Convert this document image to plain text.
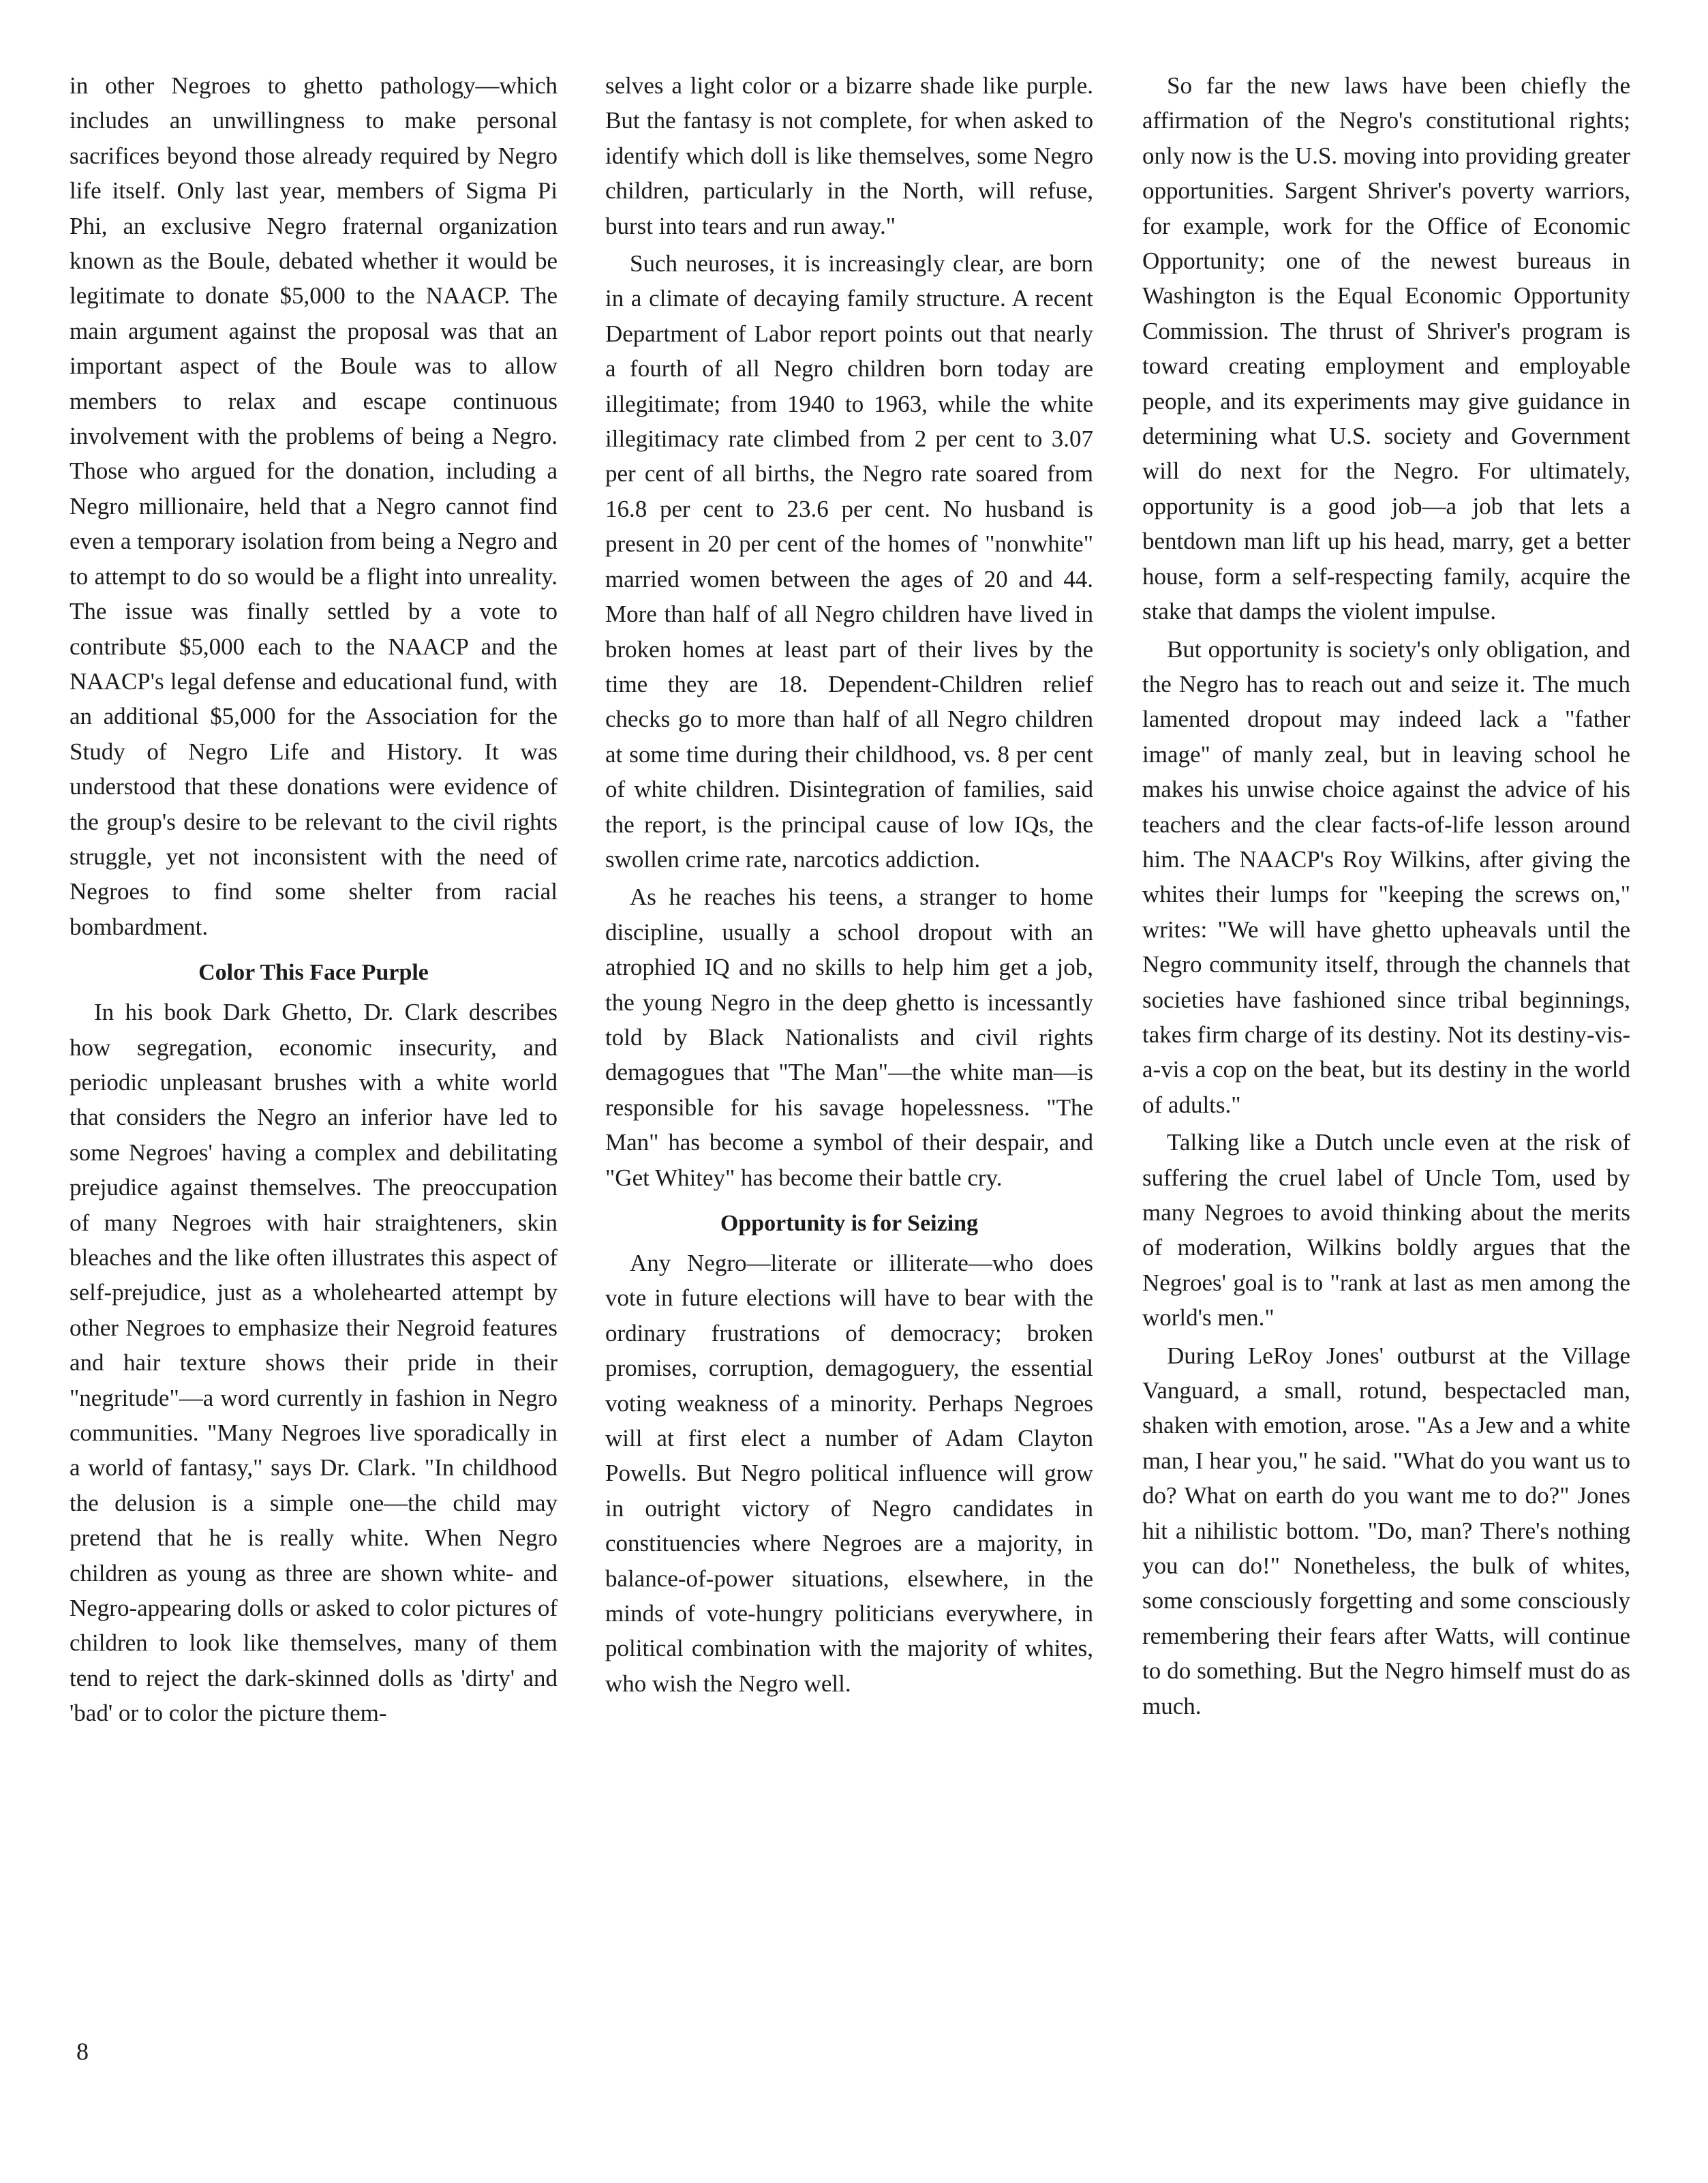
in other Negroes to ghetto pathology—which includes an unwillingness to make personal sacrifices beyond those already required by Negro life itself. Only last year, members of Sigma Pi Phi, an exclusive Negro fraternal organization known as the Boule, debated whether it would be legitimate to donate $5,000 to the NAACP. The main argument against the proposal was that an important aspect of the Boule was to allow members to relax and escape continuous involvement with the problems of being a Negro. Those who argued for the donation, including a Negro millionaire, held that a Negro cannot find even a temporary isolation from being a Negro and to attempt to do so would be a flight into unreality. The issue was finally settled by a vote to contribute $5,000 each to the NAACP and the NAACP's legal defense and educational fund, with an additional $5,000 for the Association for the Study of Negro Life and History. It was understood that these donations were evidence of the group's desire to be relevant to the civil rights struggle, yet not inconsistent with the need of Negroes to find some shelter from racial bombardment.

Color This Face Purple

In his book Dark Ghetto, Dr. Clark describes how segregation, economic insecurity, and periodic unpleasant brushes with a white world that considers the Negro an inferior have led to some Negroes' having a complex and debilitating prejudice against themselves. The preoccupation of many Negroes with hair straighteners, skin bleaches and the like often illustrates this aspect of self-prejudice, just as a wholehearted attempt by other Negroes to emphasize their Negroid features and hair texture shows their pride in their "negritude"—a word currently in fashion in Negro communities. "Many Negroes live sporadically in a world of fantasy," says Dr. Clark. "In childhood the delusion is a simple one—the child may pretend that he is really white. When Negro children as young as three are shown white- and Negro-appearing dolls or asked to color pictures of children to look like themselves, many of them tend to reject the dark-skinned dolls as 'dirty' and 'bad' or to color the picture them-

selves a light color or a bizarre shade like purple. But the fantasy is not complete, for when asked to identify which doll is like themselves, some Negro children, particularly in the North, will refuse, burst into tears and run away."

Such neuroses, it is increasingly clear, are born in a climate of decaying family structure. A recent Department of Labor report points out that nearly a fourth of all Negro children born today are illegitimate; from 1940 to 1963, while the white illegitimacy rate climbed from 2 per cent to 3.07 per cent of all births, the Negro rate soared from 16.8 per cent to 23.6 per cent. No husband is present in 20 per cent of the homes of "nonwhite" married women between the ages of 20 and 44. More than half of all Negro children have lived in broken homes at least part of their lives by the time they are 18. Dependent-Children relief checks go to more than half of all Negro children at some time during their childhood, vs. 8 per cent of white children. Disintegration of families, said the report, is the principal cause of low IQs, the swollen crime rate, narcotics addiction.

As he reaches his teens, a stranger to home discipline, usually a school dropout with an atrophied IQ and no skills to help him get a job, the young Negro in the deep ghetto is incessantly told by Black Nationalists and civil rights demagogues that "The Man"—the white man—is responsible for his savage hopelessness. "The Man" has become a symbol of their despair, and "Get Whitey" has become their battle cry.

Opportunity is for Seizing

Any Negro—literate or illiterate—who does vote in future elections will have to bear with the ordinary frustrations of democracy; broken promises, corruption, demagoguery, the essential voting weakness of a minority. Perhaps Negroes will at first elect a number of Adam Clayton Powells. But Negro political influence will grow in outright victory of Negro candidates in constituencies where Negroes are a majority, in balance-of-power situations, elsewhere, in the minds of vote-hungry politicians everywhere, in political combination with the majority of whites, who wish the Negro well.

So far the new laws have been chiefly the affirmation of the Negro's constitutional rights; only now is the U.S. moving into providing greater opportunities. Sargent Shriver's poverty warriors, for example, work for the Office of Economic Opportunity; one of the newest bureaus in Washington is the Equal Economic Opportunity Commission. The thrust of Shriver's program is toward creating employment and employable people, and its experiments may give guidance in determining what U.S. society and Government will do next for the Negro. For ultimately, opportunity is a good job—a job that lets a bentdown man lift up his head, marry, get a better house, form a self-respecting family, acquire the stake that damps the violent impulse.

But opportunity is society's only obligation, and the Negro has to reach out and seize it. The much lamented dropout may indeed lack a "father image" of manly zeal, but in leaving school he makes his unwise choice against the advice of his teachers and the clear facts-of-life lesson around him. The NAACP's Roy Wilkins, after giving the whites their lumps for "keeping the screws on," writes: "We will have ghetto upheavals until the Negro community itself, through the channels that societies have fashioned since tribal beginnings, takes firm charge of its destiny. Not its destiny-vis-a-vis a cop on the beat, but its destiny in the world of adults."

Talking like a Dutch uncle even at the risk of suffering the cruel label of Uncle Tom, used by many Negroes to avoid thinking about the merits of moderation, Wilkins boldly argues that the Negroes' goal is to "rank at last as men among the world's men."

During LeRoy Jones' outburst at the Village Vanguard, a small, rotund, bespectacled man, shaken with emotion, arose. "As a Jew and a white man, I hear you," he said. "What do you want us to do? What on earth do you want me to do?" Jones hit a nihilistic bottom. "Do, man? There's nothing you can do!" Nonetheless, the bulk of whites, some consciously forgetting and some consciously remembering their fears after Watts, will continue to do something. But the Negro himself must do as much.

8
